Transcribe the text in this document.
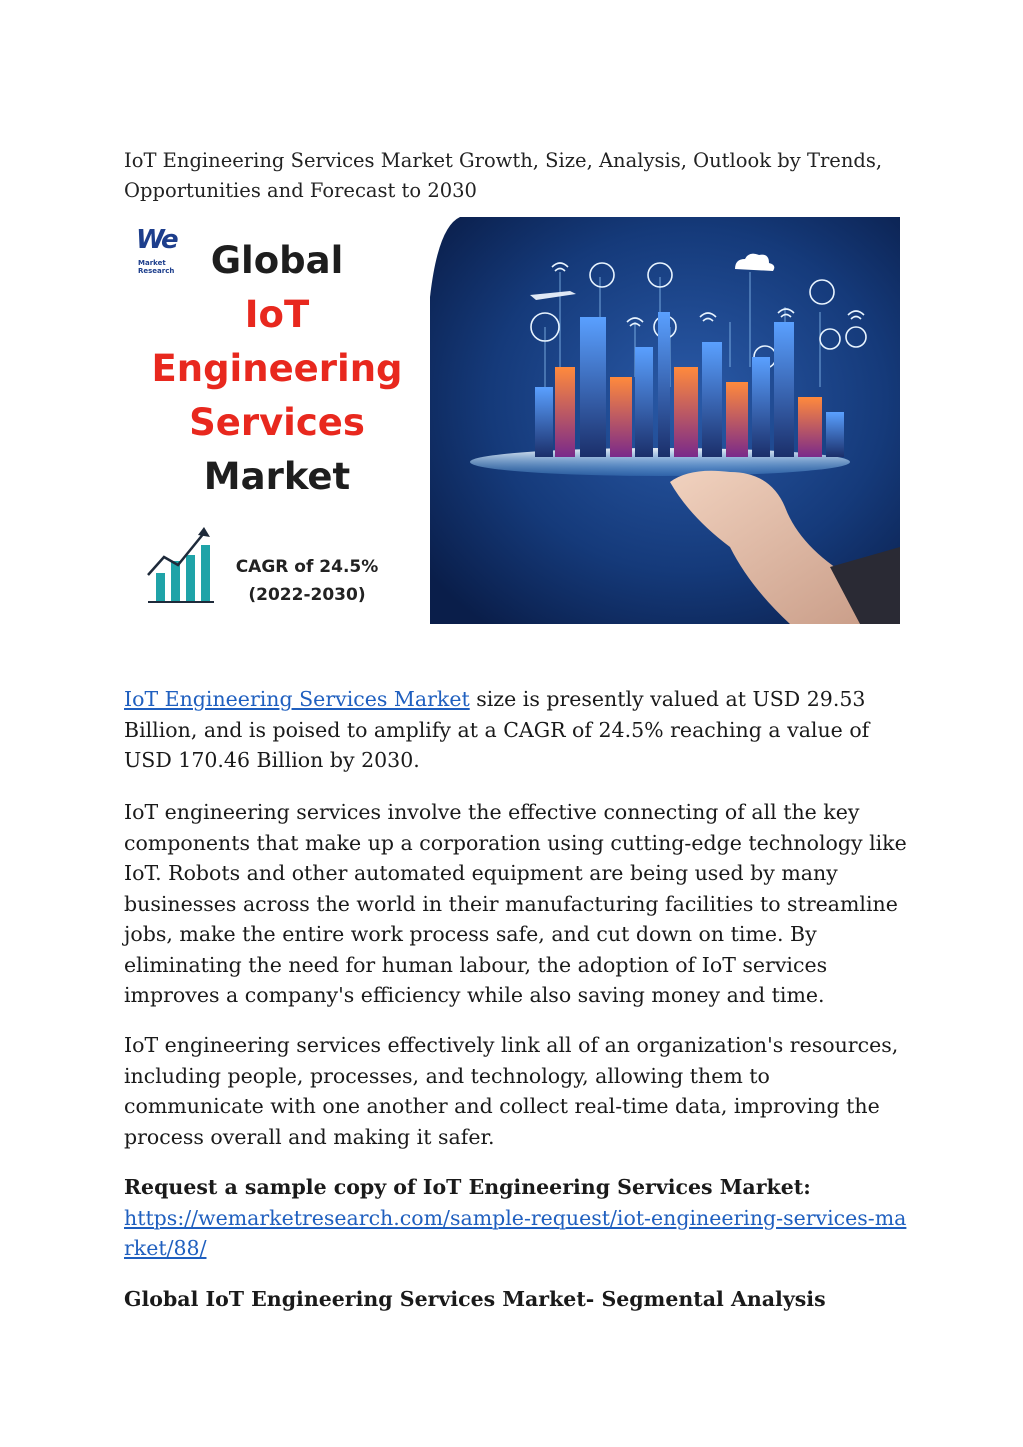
IoT Engineering Services Market Growth, Size, Analysis, Outlook by Trends, Opportunities and Forecast to 2030
We
Market
Research Global
IoT
Engineering
Services
Market
CAGR of 24.5%
(2022-2030)
IoT Engineering Services Market size is presently valued at USD 29.53 Billion, and is poised to amplify at a CAGR of 24.5% reaching a value of USD 170.46 Billion by 2030.
IoT engineering services involve the effective connecting of all the key components that make up a corporation using cutting-edge technology like IoT. Robots and other automated equipment are being used by many businesses across the world in their manufacturing facilities to streamline jobs, make the entire work process safe, and cut down on time. By eliminating the need for human labour, the adoption of IoT services improves a company's efficiency while also saving money and time.
IoT engineering services effectively link all of an organization's resources, including people, processes, and technology, allowing them to communicate with one another and collect real-time data, improving the process overall and making it safer.
Request a sample copy of IoT Engineering Services Market:
https://wemarketresearch.com/sample-request/iot-engineering-services-market/88/
Global IoT Engineering Services Market- Segmental Analysis
